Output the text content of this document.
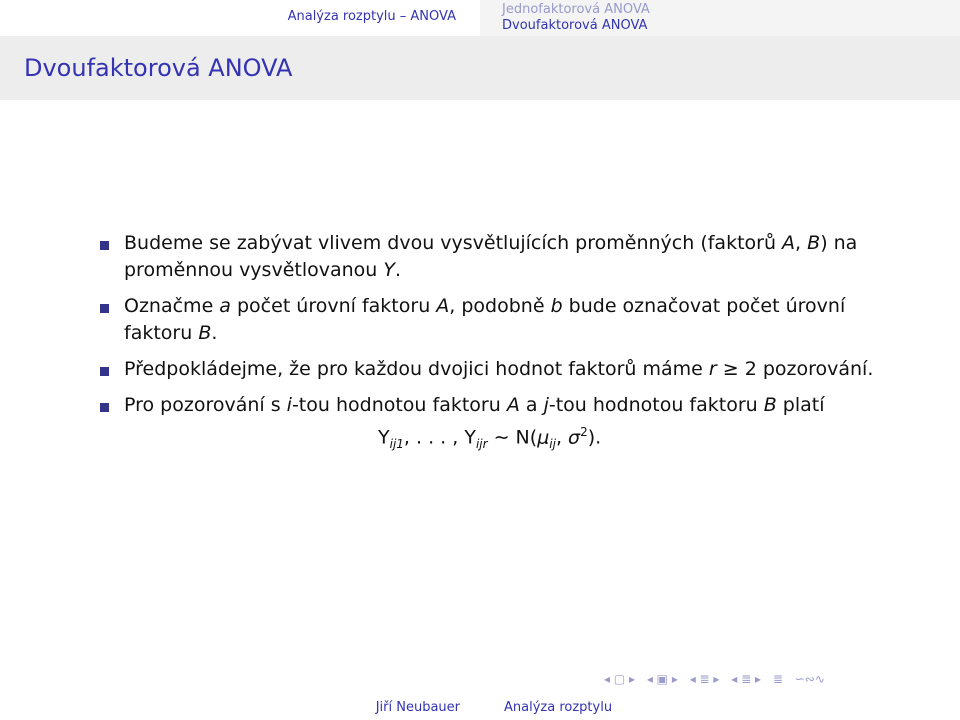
Analýza rozptylu – ANOVA	Jednofaktorová ANOVA
Dvoufaktorová ANOVA
Dvoufaktorová ANOVA
Budeme se zabývat vlivem dvou vysvětlujících proměnných (faktorů A, B) na proměnnou vysvětlovanou Y.
Označme a počet úrovní faktoru A, podobně b bude označovat počet úrovní faktoru B.
Předpokládejme, že pro každou dvojici hodnot faktorů máme r ≥ 2 pozorování.
Pro pozorování s i-tou hodnotou faktoru A a j-tou hodnotou faktoru B platí
$Y_{ij1}$, . . . , $Y_{ijr}$ ∼ $N(\mu_{ij}$, $\sigma^2$).
◂ ▢ ▸ ◂ ▣ ▸ ◂ ≣ ▸ ◂ ≣ ▸ ≣ ∽∾∿
Jiří Neubauer	Analýza rozptylu
